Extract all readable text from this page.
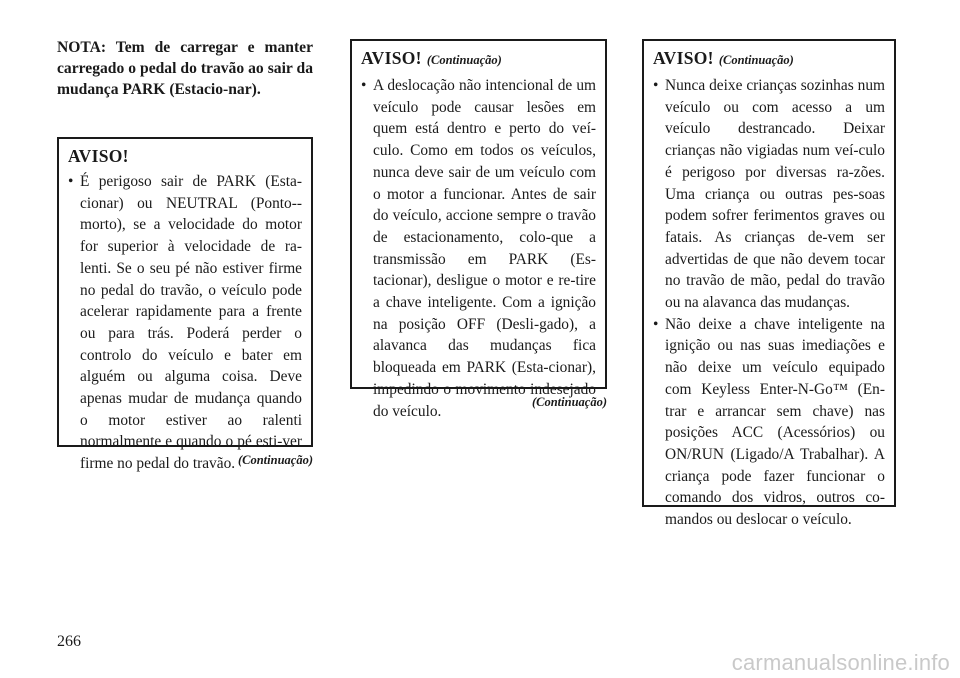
NOTA: Tem de carregar e manter carregado o pedal do travão ao sair da mudança PARK (Estacio-nar).

AVISO!
• É perigoso sair de PARK (Esta-cionar) ou NEUTRAL (Ponto--morto), se a velocidade do motor for superior à velocidade de ra-lenti. Se o seu pé não estiver firme no pedal do travão, o veículo pode acelerar rapidamente para a frente ou para trás. Poderá perder o controlo do veículo e bater em alguém ou alguma coisa. Deve apenas mudar de mudança quando o motor estiver ao ralenti normalmente e quando o pé esti-ver firme no pedal do travão. (Continuação)
AVISO! (Continuação)
• A deslocação não intencional de um veículo pode causar lesões em quem está dentro e perto do veí-culo. Como em todos os veículos, nunca deve sair de um veículo com o motor a funcionar. Antes de sair do veículo, accione sempre o travão de estacionamento, colo-que a transmissão em PARK (Es-tacionar), desligue o motor e re-tire a chave inteligente. Com a ignição na posição OFF (Desli-gado), a alavanca das mudanças fica bloqueada em PARK (Esta-cionar), impedindo o movimento indesejado do veículo.
(Continuação)
AVISO! (Continuação)
• Nunca deixe crianças sozinhas num veículo ou com acesso a um veículo destrancado. Deixar crianças não vigiadas num veí-culo é perigoso por diversas ra-zões. Uma criança ou outras pes-soas podem sofrer ferimentos graves ou fatais. As crianças de-vem ser advertidas de que não devem tocar no travão de mão, pedal do travão ou na alavanca das mudanças.
• Não deixe a chave inteligente na ignição ou nas suas imediações e não deixe um veículo equipado com Keyless Enter-N-Go™ (En-trar e arrancar sem chave) nas posições ACC (Acessórios) ou ON/RUN (Ligado/A Trabalhar). A criança pode fazer funcionar o comando dos vidros, outros co-mandos ou deslocar o veículo.
266
carmanualsonline.info
